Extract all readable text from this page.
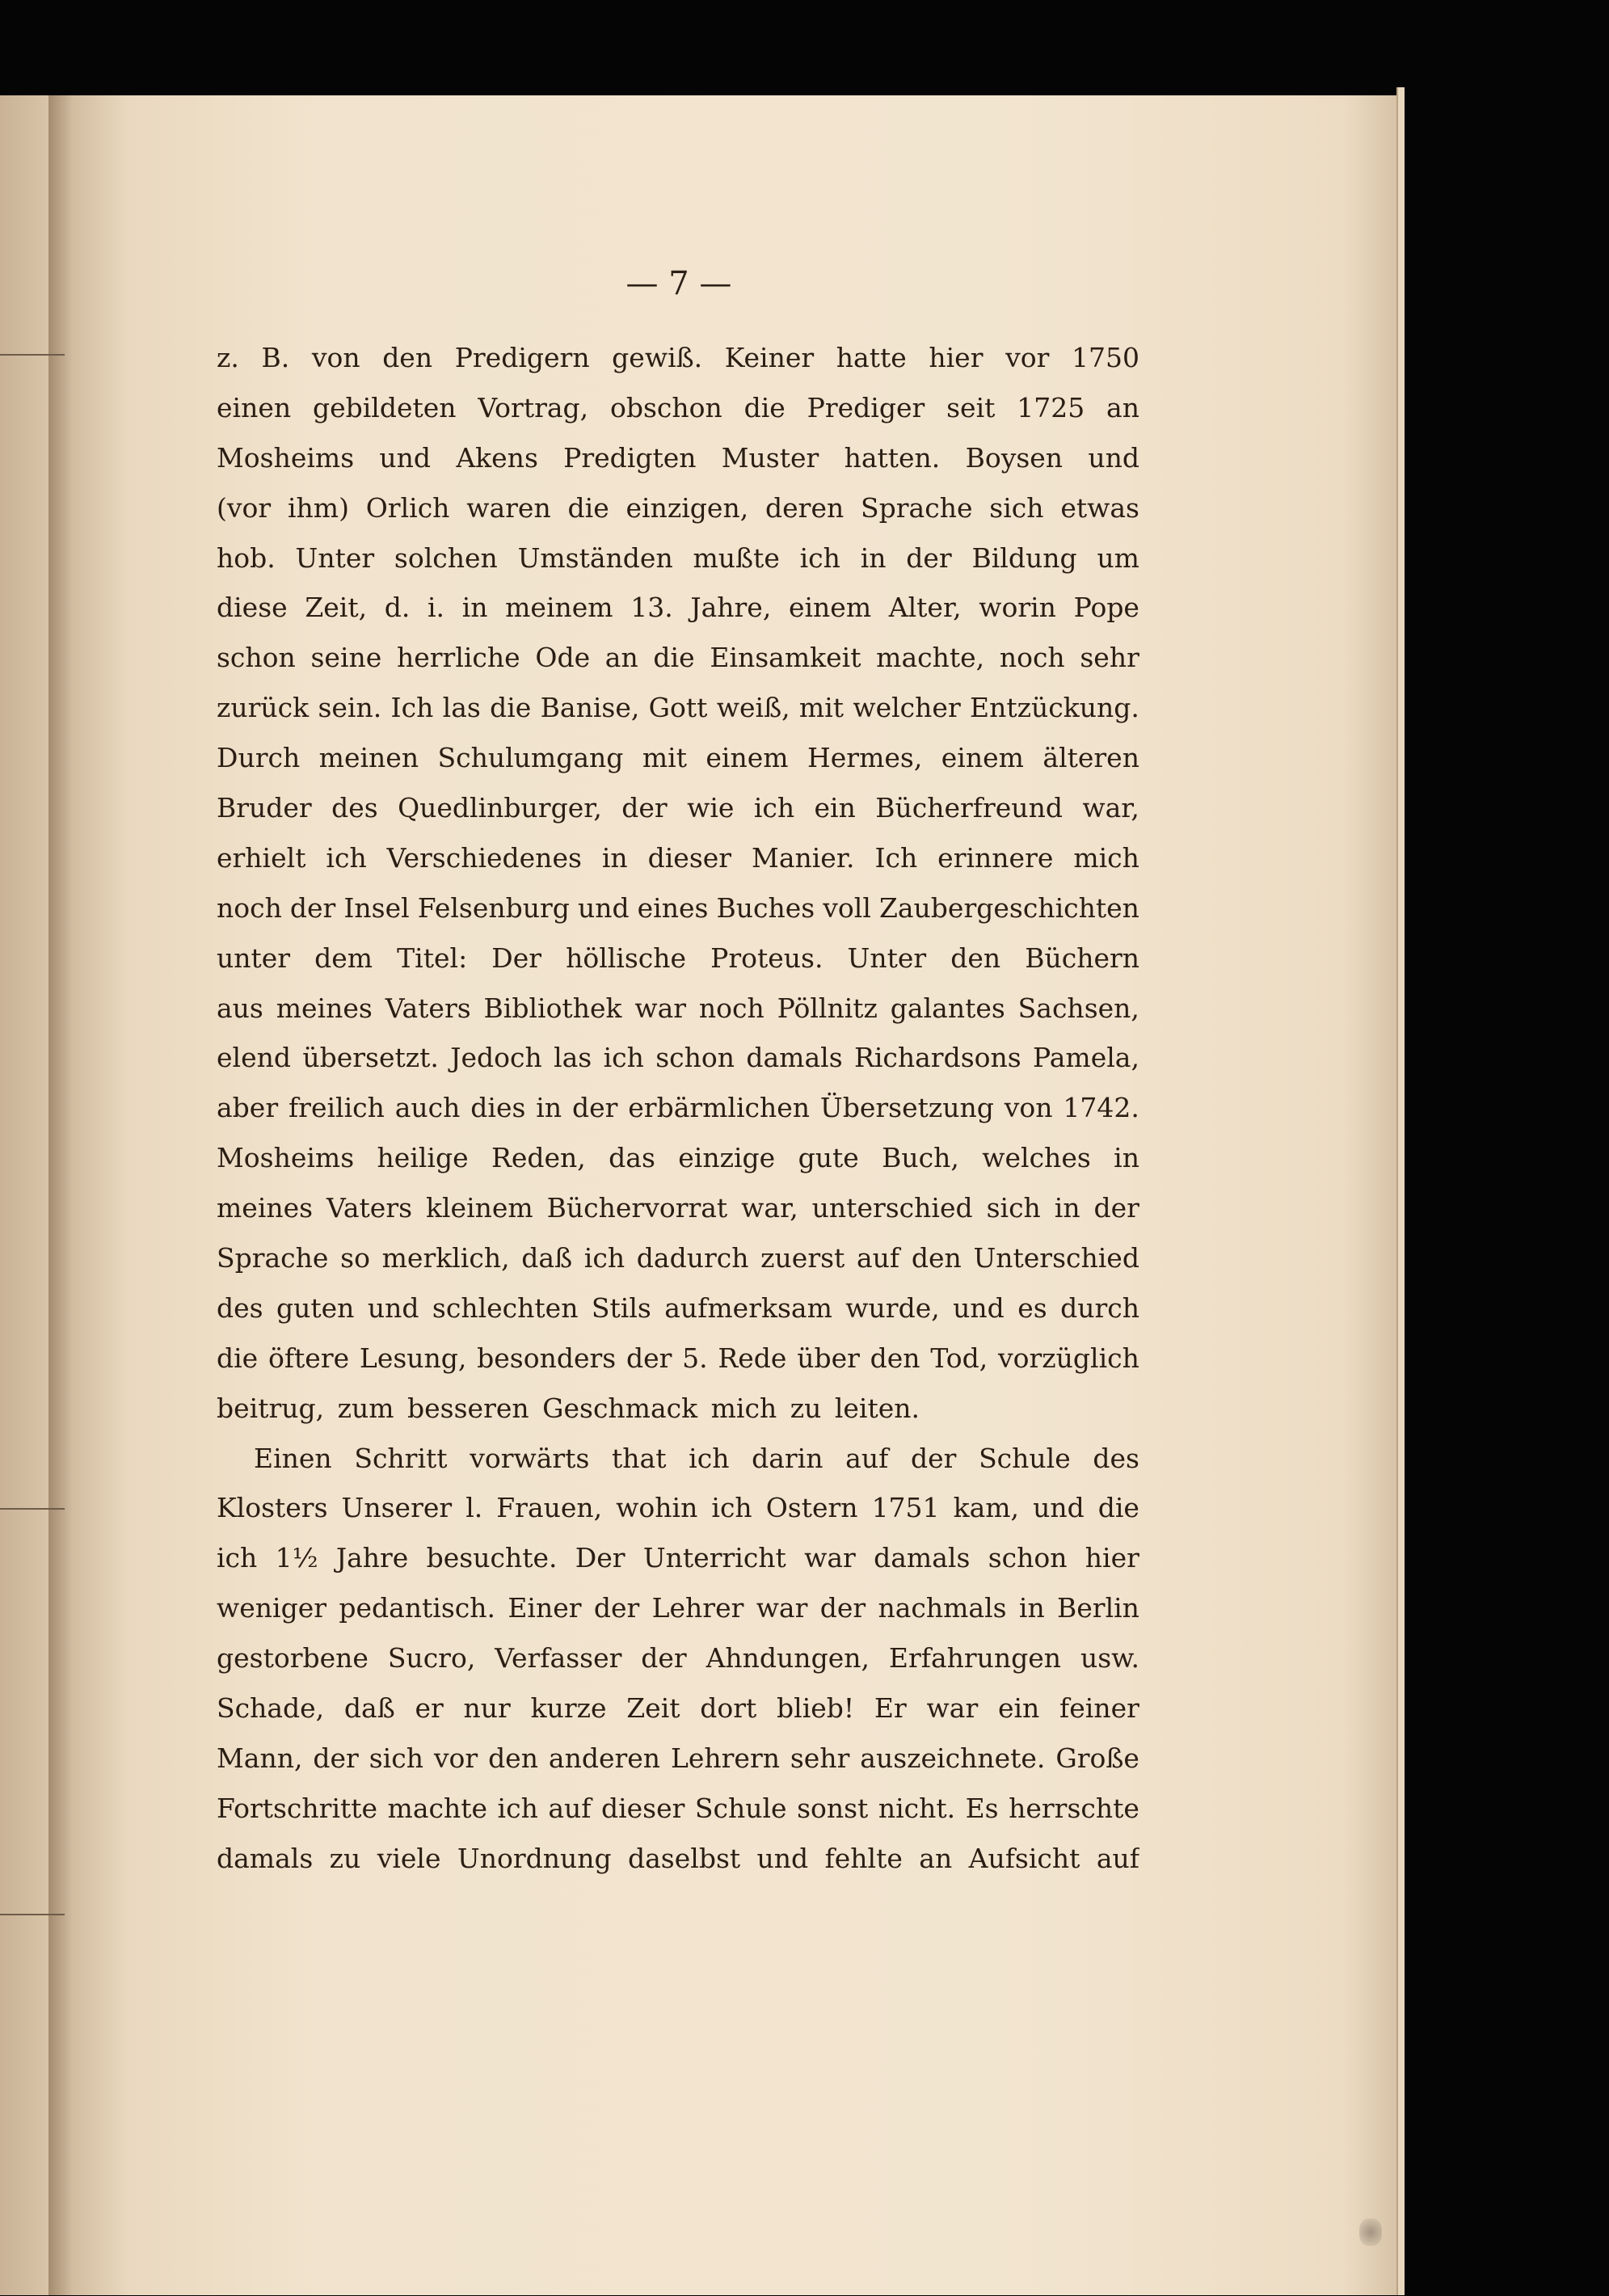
— 7 —
z. B. von den Predigern gewiß. Keiner hatte hier vor 1750
einen gebildeten Vortrag, obschon die Prediger seit 1725 an
Mosheims und Akens Predigten Muster hatten. Boysen und
(vor ihm) Orlich waren die einzigen, deren Sprache sich etwas
hob. Unter solchen Umständen mußte ich in der Bildung um
diese Zeit, d. i. in meinem 13. Jahre, einem Alter, worin Pope
schon seine herrliche Ode an die Einsamkeit machte, noch sehr
zurück sein. Ich las die Banise, Gott weiß, mit welcher Entzückung.
Durch meinen Schulumgang mit einem Hermes, einem älteren
Bruder des Quedlinburger, der wie ich ein Bücherfreund war,
erhielt ich Verschiedenes in dieser Manier. Ich erinnere mich
noch der Insel Felsenburg und eines Buches voll Zaubergeschichten
unter dem Titel: Der höllische Proteus. Unter den Büchern
aus meines Vaters Bibliothek war noch Pöllnitz galantes Sachsen,
elend übersetzt. Jedoch las ich schon damals Richardsons Pamela,
aber freilich auch dies in der erbärmlichen Übersetzung von 1742.
Mosheims heilige Reden, das einzige gute Buch, welches in
meines Vaters kleinem Büchervorrat war, unterschied sich in der
Sprache so merklich, daß ich dadurch zuerst auf den Unterschied
des guten und schlechten Stils aufmerksam wurde, und es durch
die öftere Lesung, besonders der 5. Rede über den Tod, vorzüglich
beitrug, zum besseren Geschmack mich zu leiten.
Einen Schritt vorwärts that ich darin auf der Schule des
Klosters Unserer l. Frauen, wohin ich Ostern 1751 kam, und die
ich 1½ Jahre besuchte. Der Unterricht war damals schon hier
weniger pedantisch. Einer der Lehrer war der nachmals in Berlin
gestorbene Sucro, Verfasser der Ahndungen, Erfahrungen usw.
Schade, daß er nur kurze Zeit dort blieb! Er war ein feiner
Mann, der sich vor den anderen Lehrern sehr auszeichnete. Große
Fortschritte machte ich auf dieser Schule sonst nicht. Es herrschte
damals zu viele Unordnung daselbst und fehlte an Aufsicht auf
